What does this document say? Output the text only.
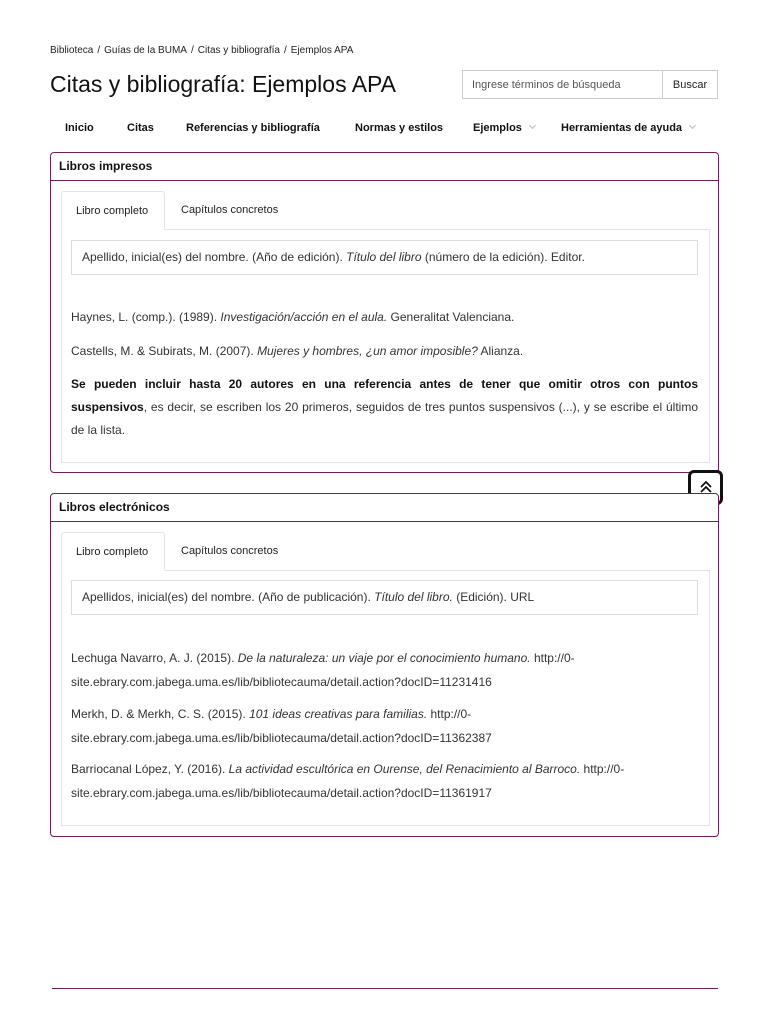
Biblioteca / Guías de la BUMA / Citas y bibliografía / Ejemplos APA
Citas y bibliografía: Ejemplos APA
Ingrese términos de búsqueda	Buscar
Inicio	Citas	Referencias y bibliografía	Normas y estilos	Ejemplos	Herramientas de ayuda
Libros impresos
Libro completo	Capítulos concretos
Apellido, inicial(es) del nombre. (Año de edición). Título del libro (número de la edición). Editor.
Haynes, L. (comp.). (1989). Investigación/acción en el aula. Generalitat Valenciana.
Castells, M. & Subirats, M. (2007). Mujeres y hombres, ¿un amor imposible? Alianza.
Se pueden incluir hasta 20 autores en una referencia antes de tener que omitir otros con puntos suspensivos, es decir, se escriben los 20 primeros, seguidos de tres puntos suspensivos (...), y se escribe el último de la lista.
Libros electrónicos
Libro completo	Capítulos concretos
Apellidos, inicial(es) del nombre. (Año de publicación). Título del libro. (Edición). URL
Lechuga Navarro, A. J. (2015). De la naturaleza: un viaje por el conocimiento humano. http://0-
site.ebrary.com.jabega.uma.es/lib/bibliotecauma/detail.action?docID=11231416
Merkh, D. & Merkh, C. S. (2015). 101 ideas creativas para familias. http://0-
site.ebrary.com.jabega.uma.es/lib/bibliotecauma/detail.action?docID=11362387
Barriocanal López, Y. (2016). La actividad escultórica en Ourense, del Renacimiento al Barroco. http://0-
site.ebrary.com.jabega.uma.es/lib/bibliotecauma/detail.action?docID=11361917
